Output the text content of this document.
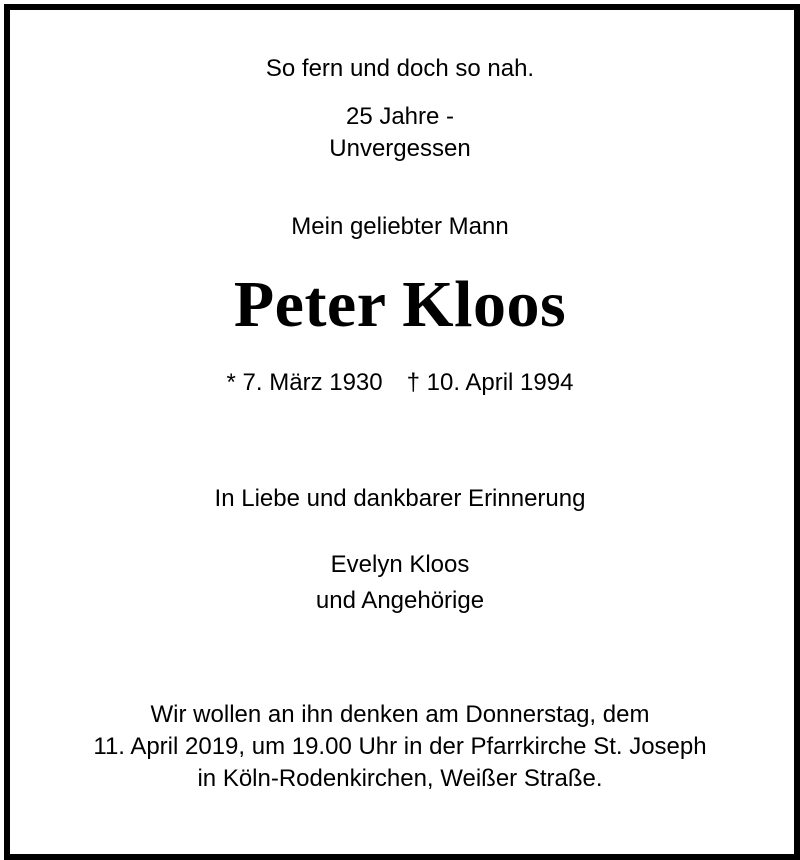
So fern und doch so nah.
25 Jahre -
Unvergessen
Mein geliebter Mann
Peter Kloos
* 7. März 1930 † 10. April 1994
In Liebe und dankbarer Erinnerung
Evelyn Kloos
und Angehörige
Wir wollen an ihn denken am Donnerstag, dem
11. April 2019, um 19.00 Uhr in der Pfarrkirche St. Joseph
in Köln-Rodenkirchen, Weißer Straße.
